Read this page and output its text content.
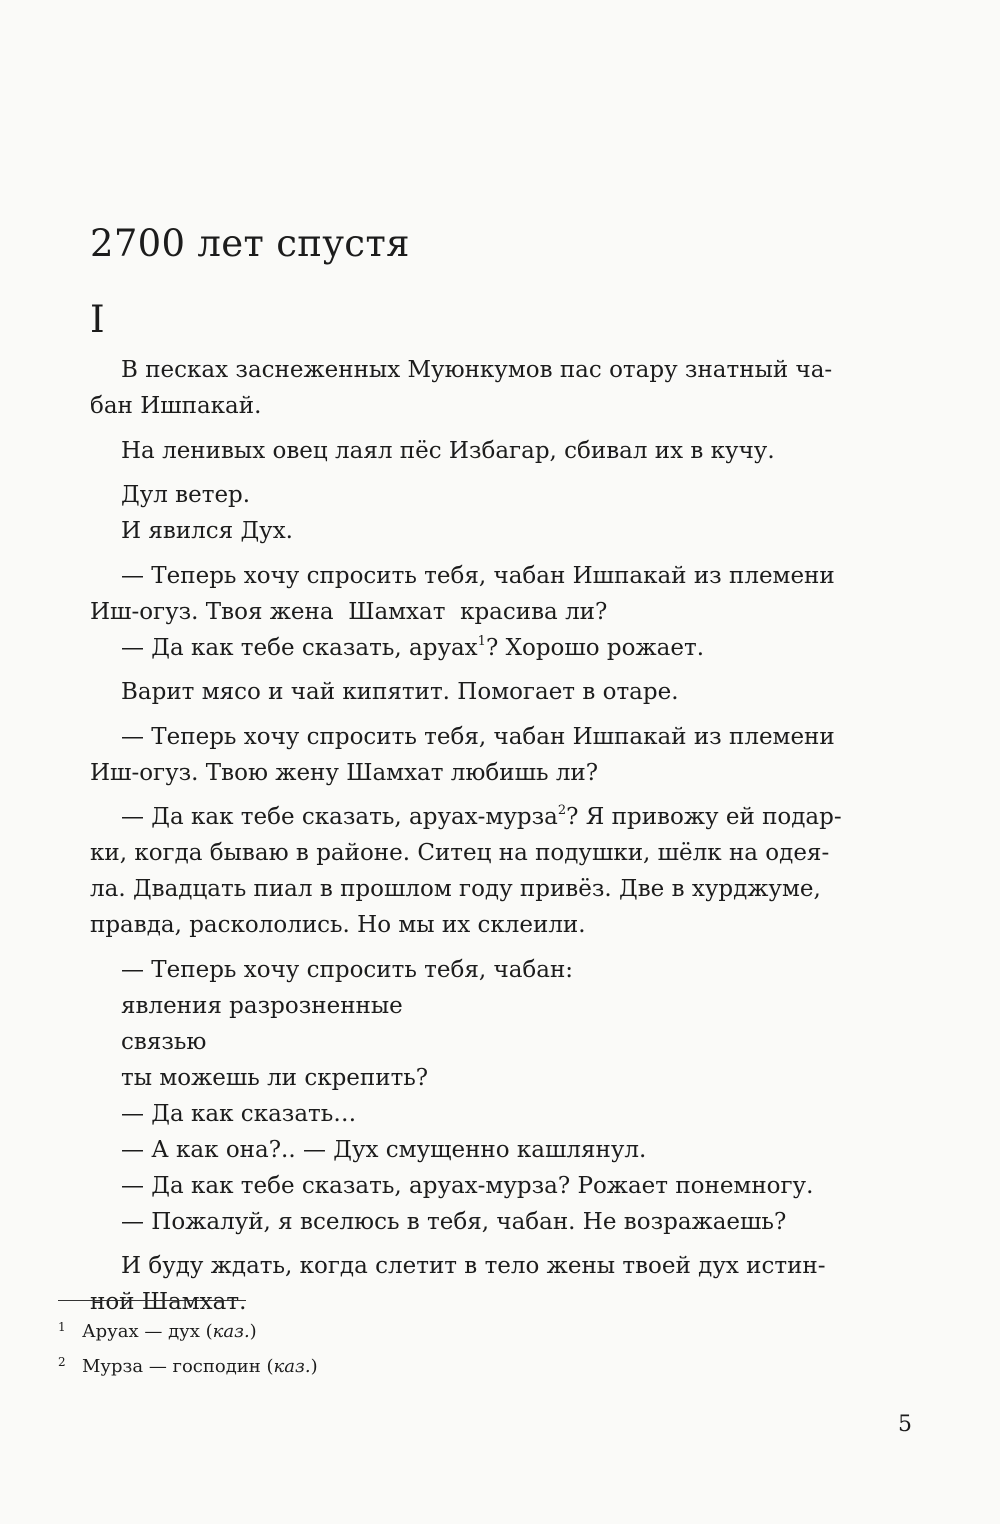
2700 лет спустя
I
В песках заснеженных Муюнкумов пас отару знатный ча-
бан Ишпакай.
На ленивых овец лаял пёс Избагар, сбивал их в кучу.
Дул ветер.
И явился Дух.
— Теперь хочу спросить тебя, чабан Ишпакай из племени
Иш-огуз. Твоя жена  Шамхат  красива ли?
— Да как тебе сказать, аруах$^1$? Хорошо рожает.
Варит мясо и чай кипятит. Помогает в отаре.
— Теперь хочу спросить тебя, чабан Ишпакай из племени
Иш-огуз. Твою жену Шамхат любишь ли?
— Да как тебе сказать, аруах-мурза$^2$? Я привожу ей подар-
ки, когда бываю в районе. Ситец на подушки, шёлк на одея-
ла. Двадцать пиал в прошлом году привёз. Две в хурджуме,
правда, раскололись. Но мы их склеили.
— Теперь хочу спросить тебя, чабан:
явления разрозненные
связью
ты можешь ли скрепить?
— Да как сказать…
— А как она?.. — Дух смущенно кашлянул.
— Да как тебе сказать, аруах-мурза? Рожает понемногу.
— Пожалуй, я вселюсь в тебя, чабан. Не возражаешь?
И буду ждать, когда слетит в тело жены твоей дух истин-
ной Шамхат.
1 Аруах — дух (каз.)
2 Мурза — господин (каз.)
5
